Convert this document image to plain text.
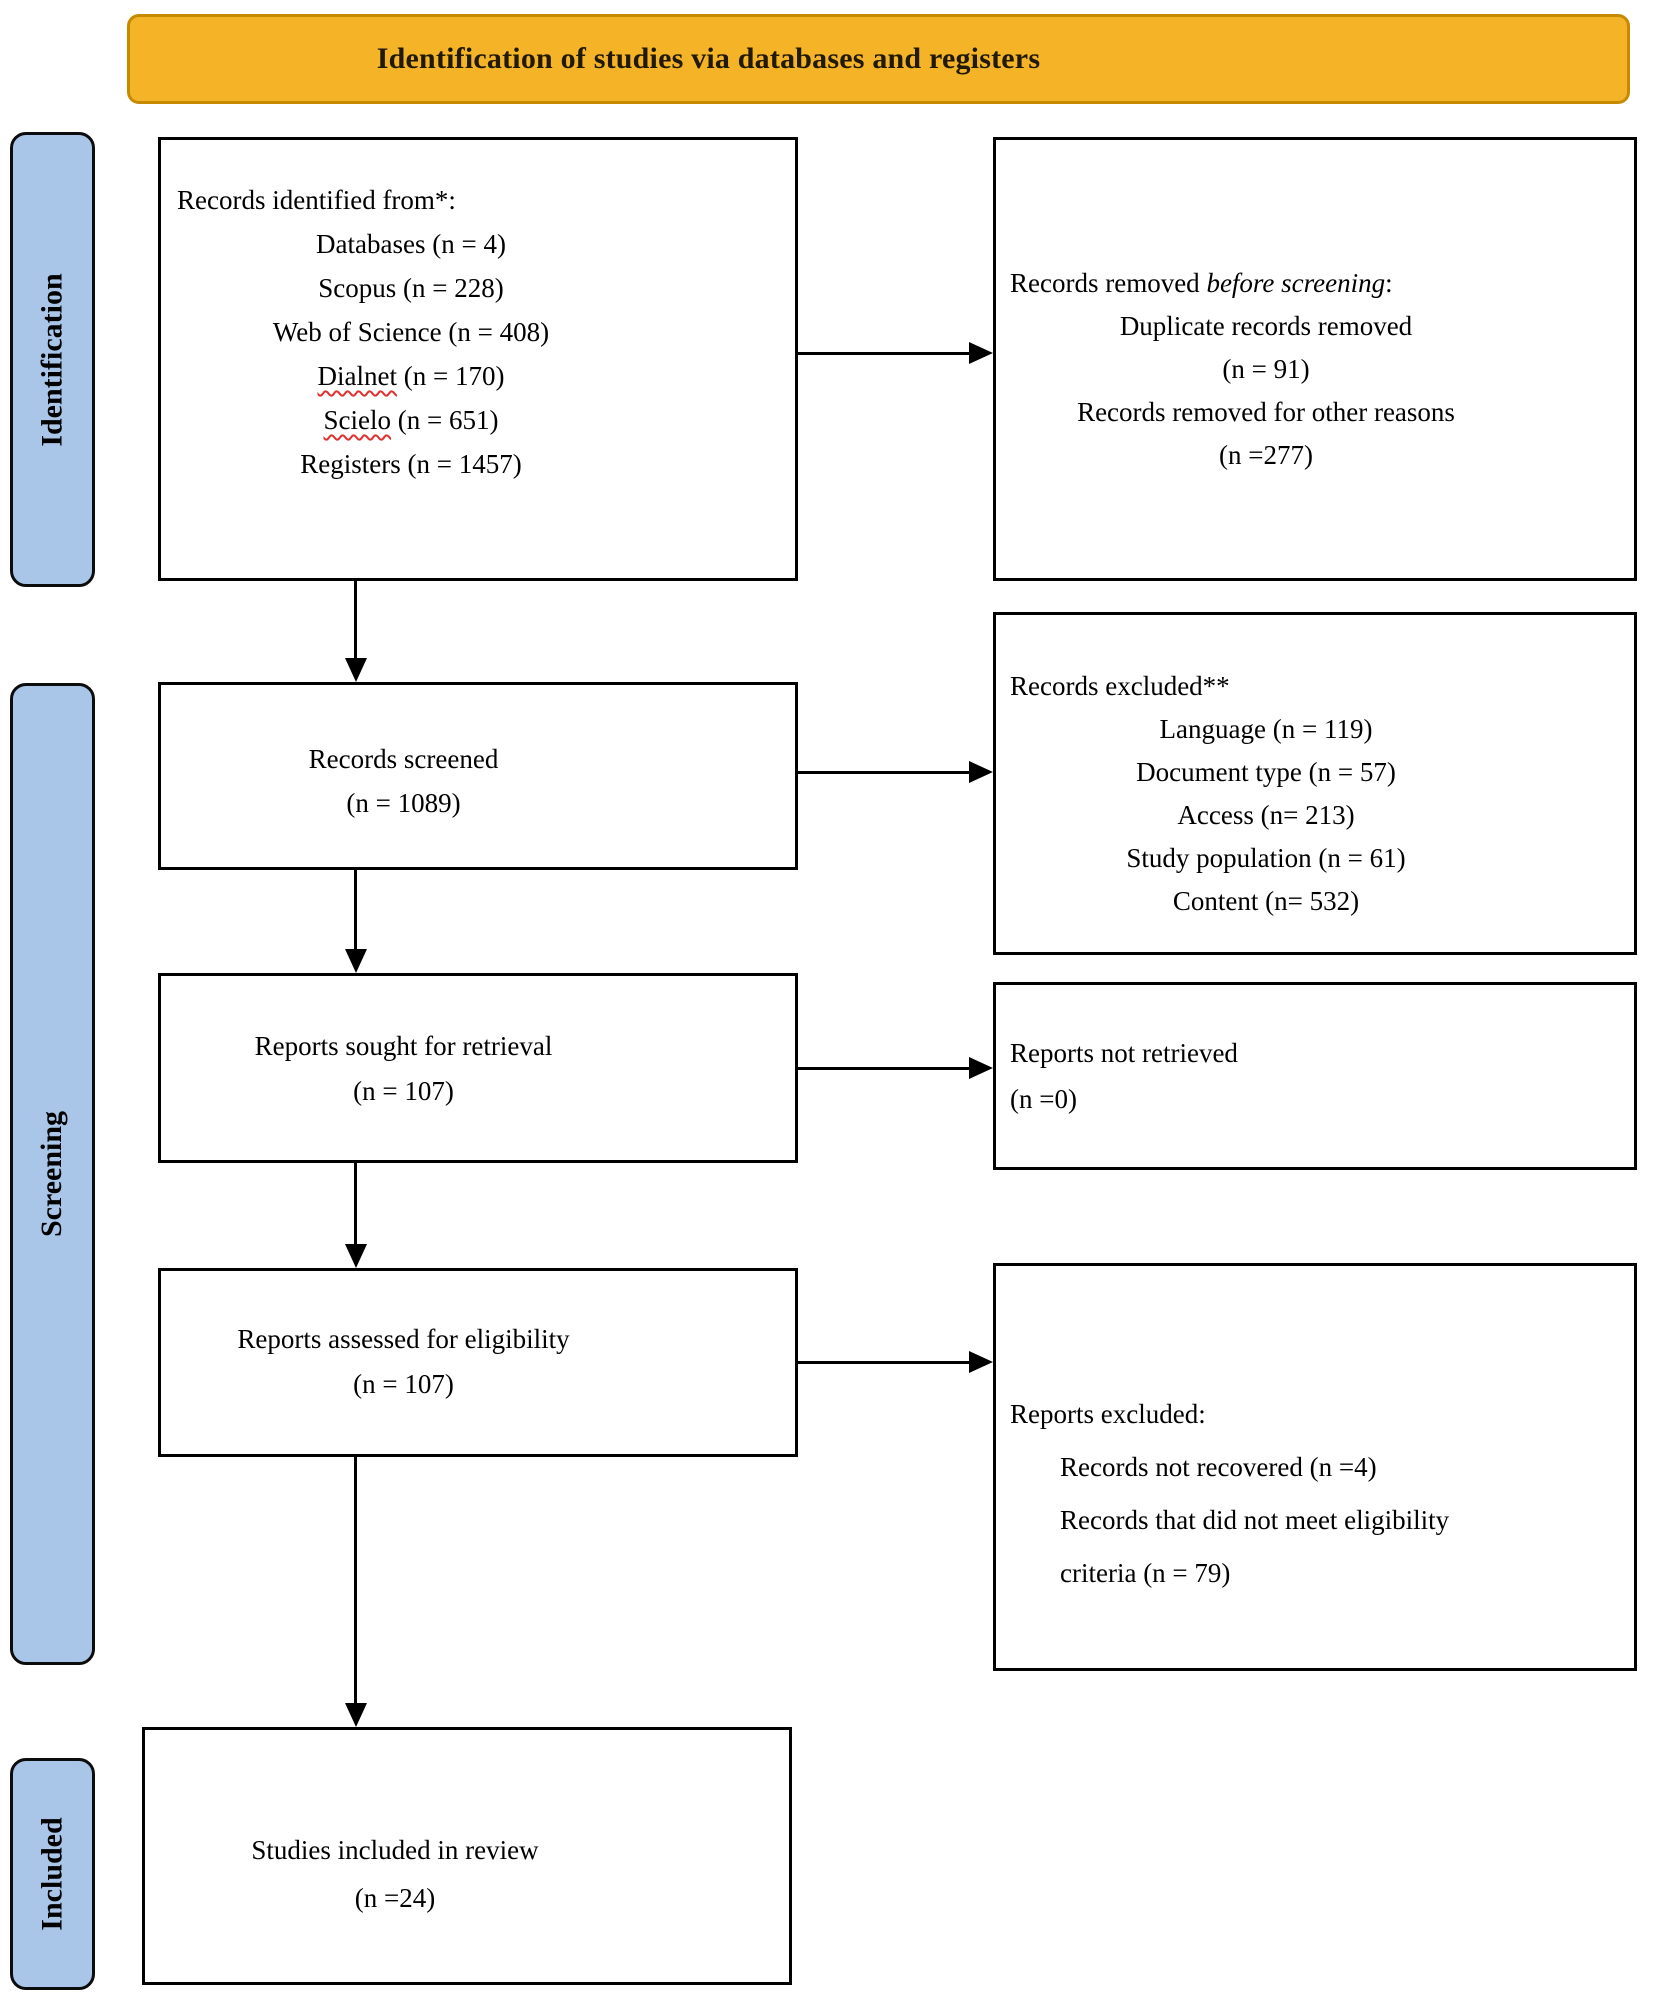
Identification of studies via databases and registers
Identification
Screening
Included
Records identified from*:
Databases (n = 4)
Scopus (n = 228)
Web of Science (n = 408)
Dialnet (n = 170)
Scielo (n = 651)
Registers (n = 1457)
Records removed before screening:
Duplicate records removed
(n = 91)
Records removed for other reasons
(n =277)
Records screened
(n = 1089)
Records excluded**
Language (n = 119)
Document type (n = 57)
Access (n= 213)
Study population (n = 61)
Content (n= 532)
Reports sought for retrieval
(n = 107)
Reports not retrieved
(n =0)
Reports assessed for eligibility
(n = 107)
Reports excluded:
Records not recovered (n =4)
Records that did not meet eligibility
criteria (n = 79)
Studies included in review
(n =24)
